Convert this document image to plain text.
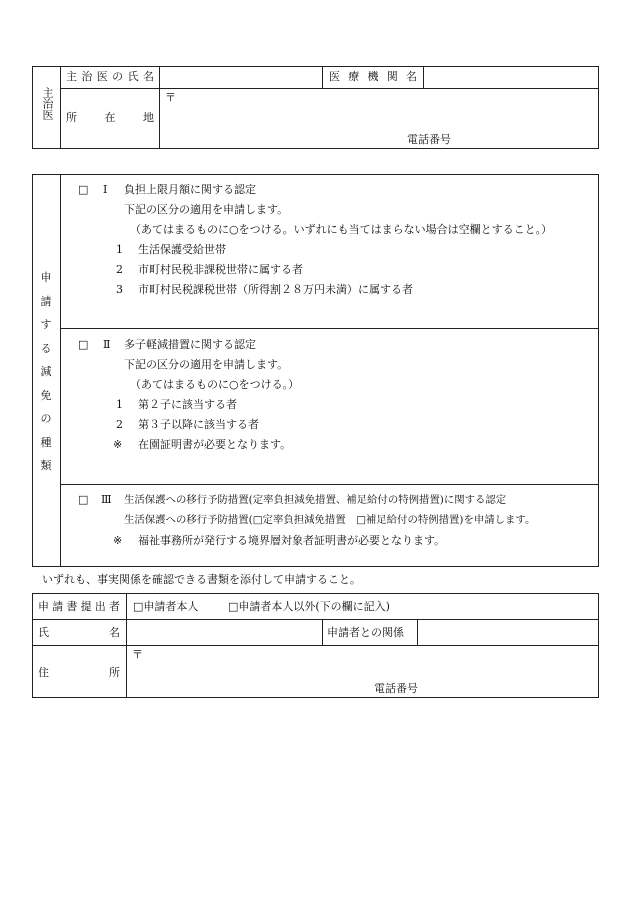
主治医
主 治 医 の 氏 名	医 療 機 関 名
所	在	地
〒
電話番号
申
請
す
る
減
免
の
種
類
□ Ⅰ 負担上限月額に関する認定
下記の区分の適用を申請します。
（あてはまるものに○をつける。いずれにも当てはまらない場合は空欄とすること。）
1 生活保護受給世帯
2 市町村民税非課税世帯に属する者
3 市町村民税課税世帯（所得割２８万円未満）に属する者
□ Ⅱ 多子軽減措置に関する認定
下記の区分の適用を申請します。
（あてはまるものに○をつける。）
1 第２子に該当する者
2 第３子以降に該当する者
※ 在園証明書が必要となります。
□ Ⅲ 生活保護への移行予防措置(定率負担減免措置、補足給付の特例措置)に関する認定
生活保護への移行予防措置(□定率負担減免措置　□補足給付の特例措置)を申請します。
※ 福祉事務所が発行する境界層対象者証明書が必要となります。
いずれも、事実関係を確認できる書類を添付して申請すること。
申 請 書 提 出 者 □申請者本人	□申請者本人以外(下の欄に記入)
氏	名	申請者との関係
住	所
〒
電話番号
